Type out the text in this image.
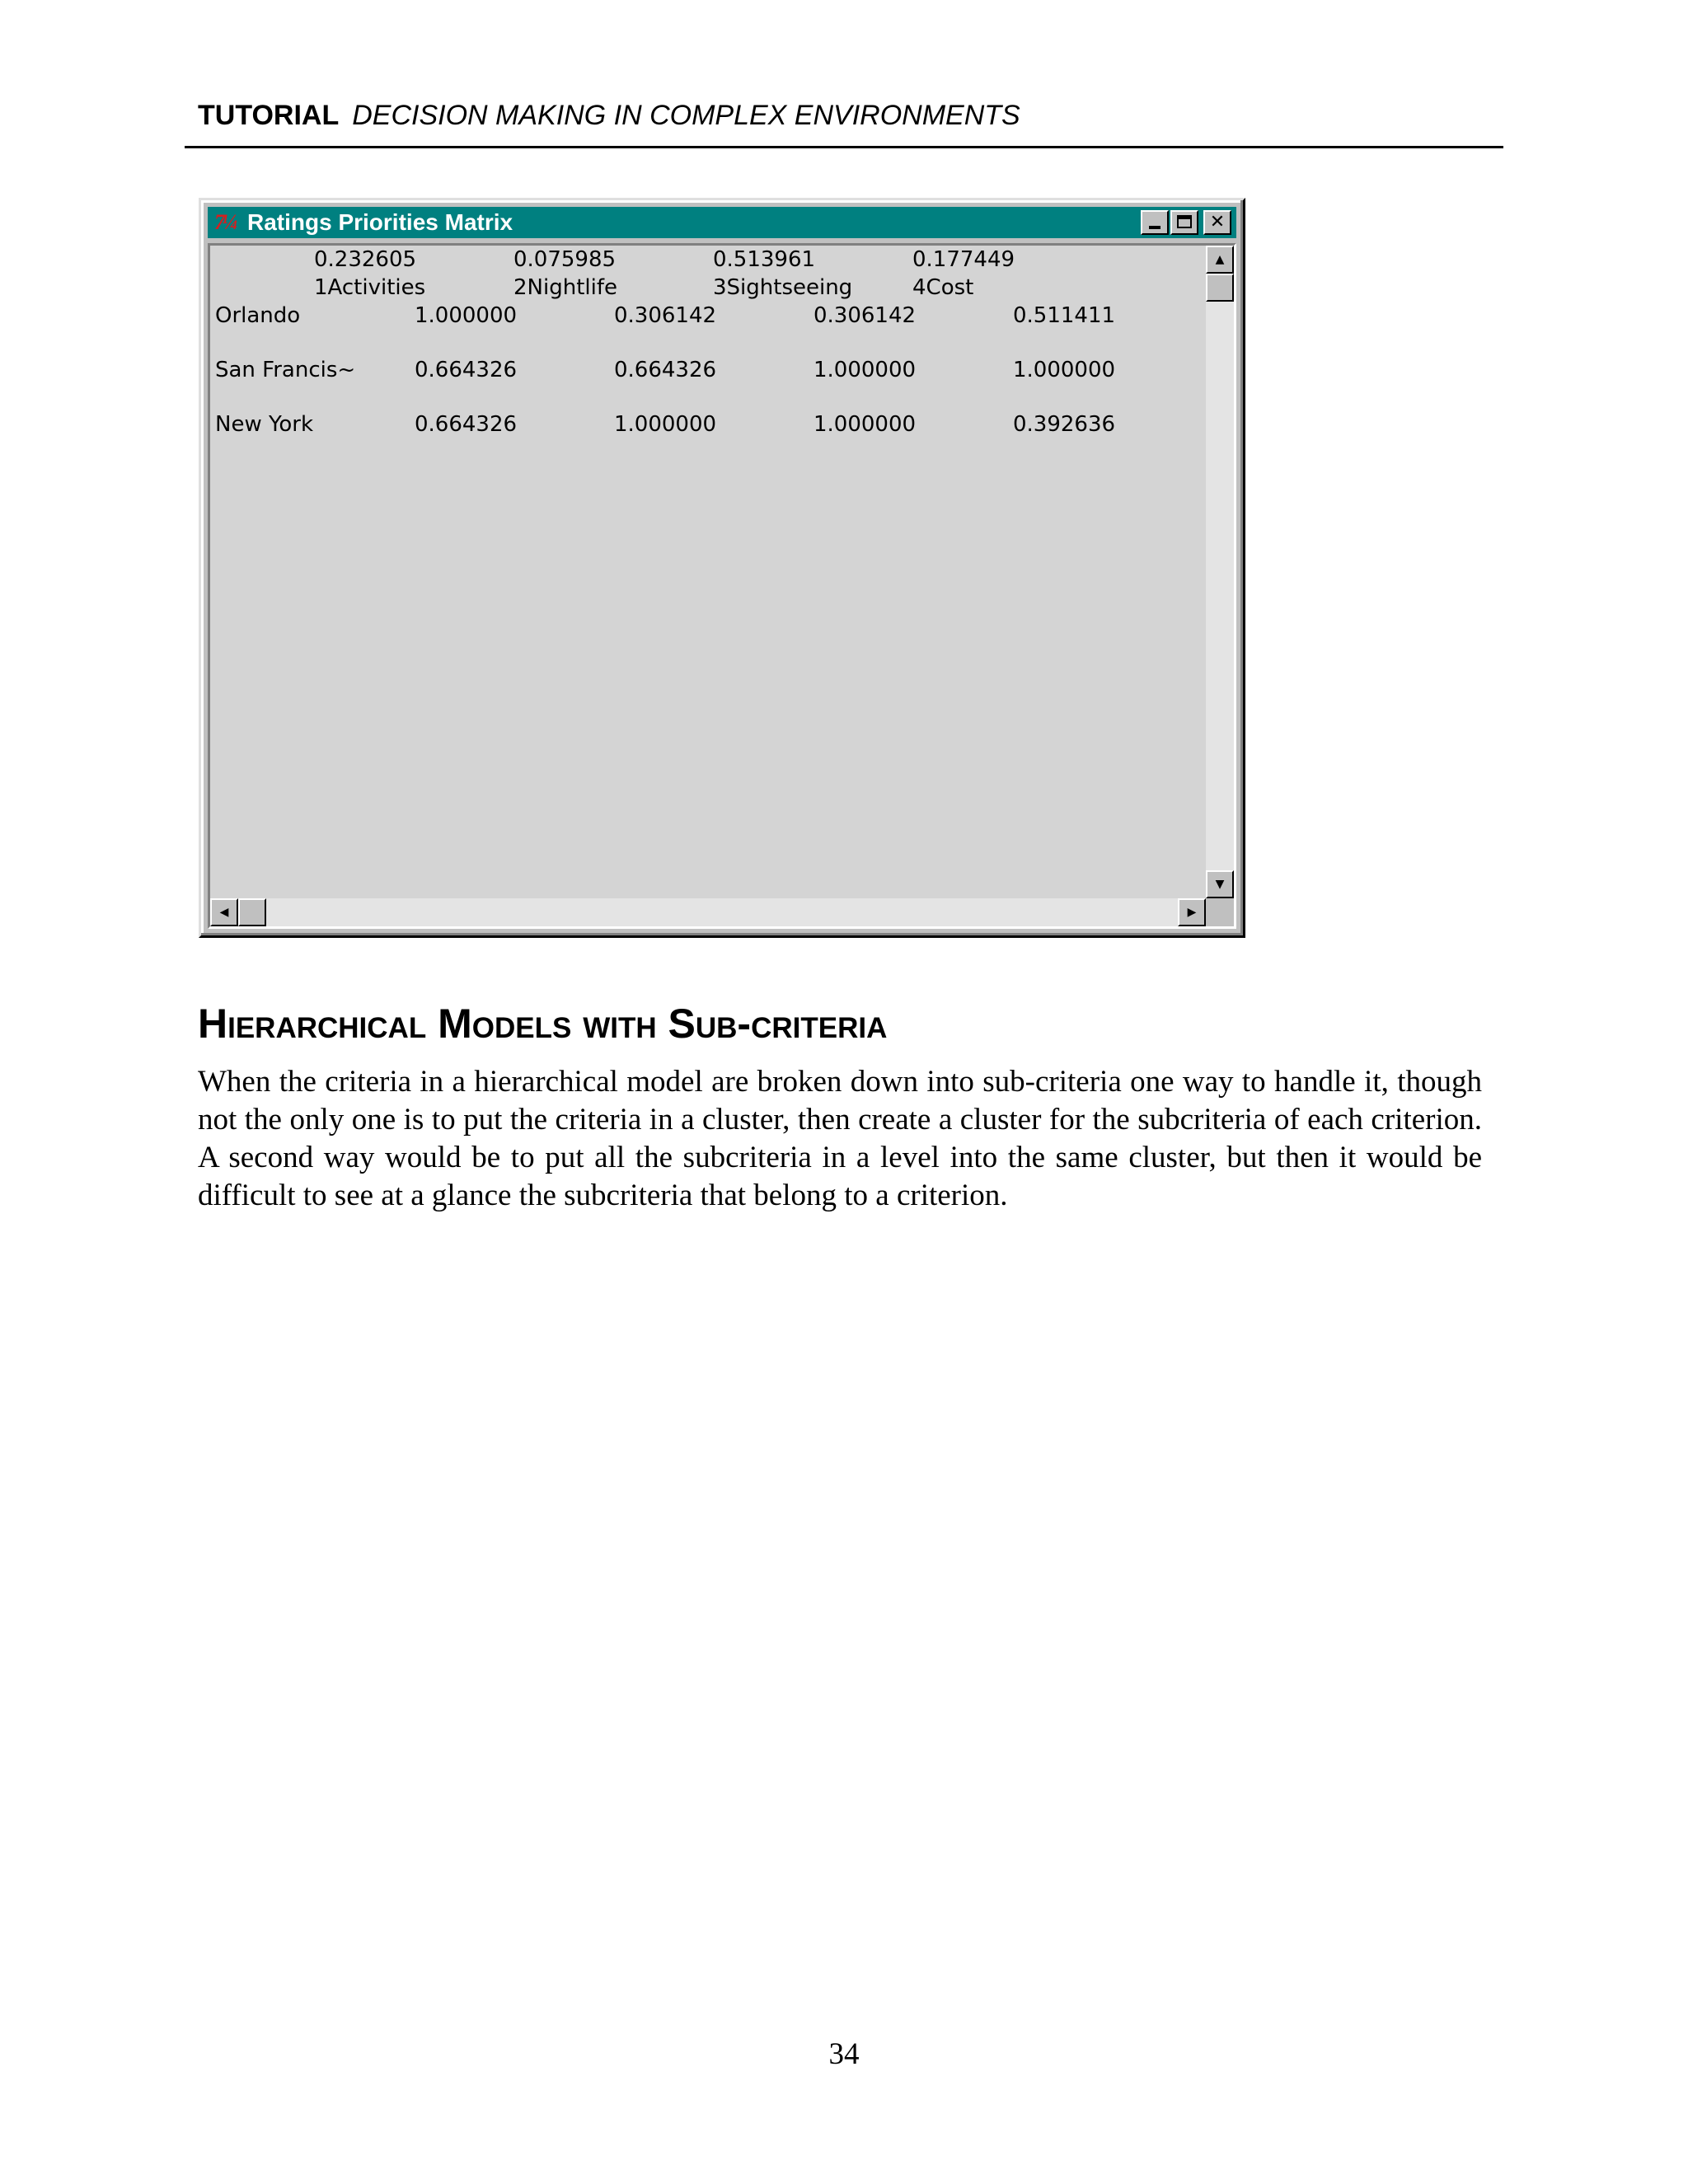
TUTORIAL DECISION MAKING IN COMPLEX ENVIRONMENTS
7¼ Ratings Priorities Matrix	✕
0.232605	0.075985	0.513961	0.177449
1Activities	2Nightlife	3Sightseeing	4Cost
Orlando	1.000000	0.306142	0.306142	0.511411
San Francis~	0.664326	0.664326	1.000000	1.000000
New York	0.664326	1.000000	1.000000	0.392636
▲
▼
◀	▶
Hierarchical Models with Sub-criteria

When the criteria in a hierarchical model are broken down into sub-criteria one way to handle it, though not the only one is to put the criteria in a cluster, then create a cluster for the subcriteria of each criterion. A second way would be to put all the subcriteria in a level into the same cluster, but then it would be difficult to see at a glance the subcriteria that belong to a criterion.

34
